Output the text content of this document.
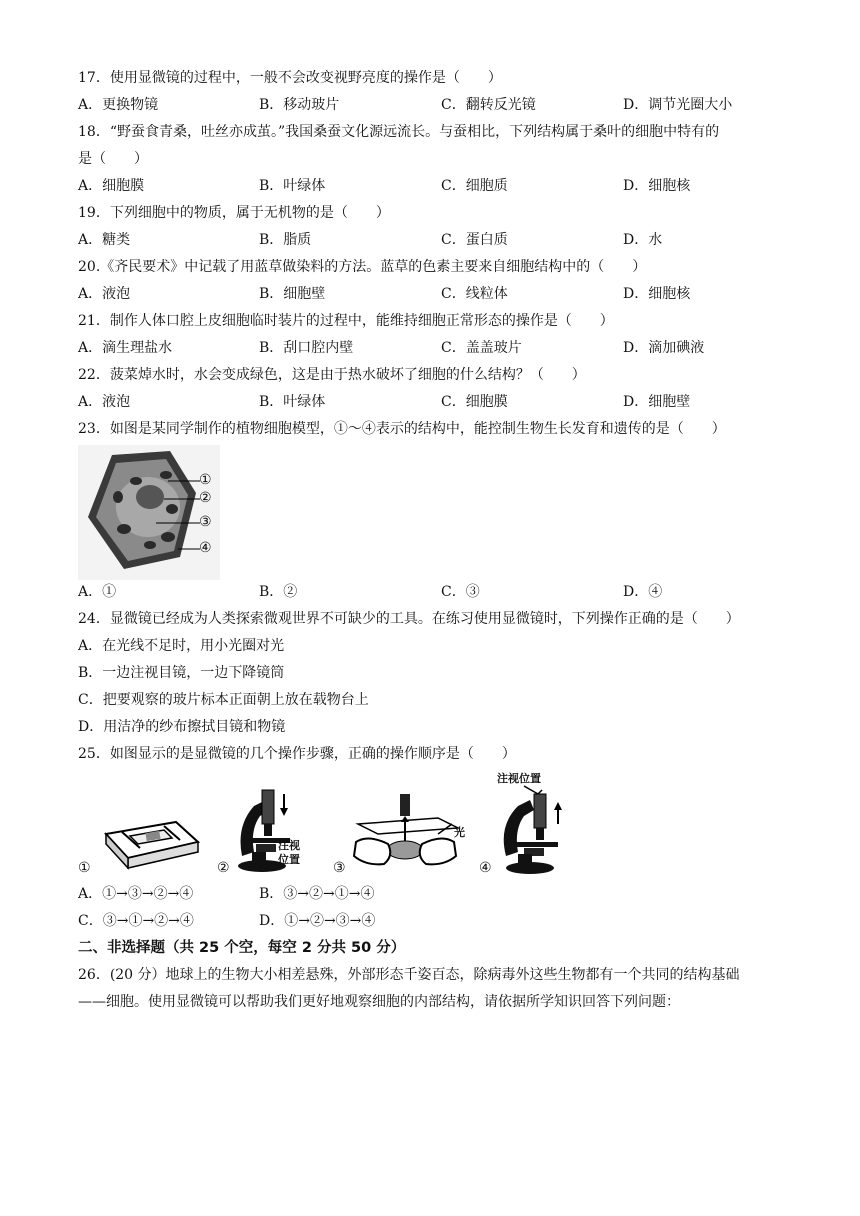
17．使用显微镜的过程中，一般不会改变视野亮度的操作是（　　）
A．更换物镜	B．移动玻片	C．翻转反光镜	D．调节光圈大小
18．“野蚕食青桑，吐丝亦成茧。”我国桑蚕文化源远流长。与蚕相比，下列结构属于桑叶的细胞中特有的
是（　　）
A．细胞膜	B．叶绿体	C．细胞质	D．细胞核
19．下列细胞中的物质，属于无机物的是（　　）
A．糖类	B．脂质	C．蛋白质	D．水
20.《齐民要术》中记载了用蓝草做染料的方法。蓝草的色素主要来自细胞结构中的（　　）
A．液泡	B．细胞壁	C．线粒体	D．细胞核
21．制作人体口腔上皮细胞临时装片的过程中，能维持细胞正常形态的操作是（　　）
A．滴生理盐水	B．刮口腔内壁	C．盖盖玻片	D．滴加碘液
22．菠菜焯水时，水会变成绿色，这是由于热水破坏了细胞的什么结构？（　　）
A．液泡	B．叶绿体	C．细胞膜	D．细胞壁
23．如图是某同学制作的植物细胞模型，①～④表示的结构中，能控制生物生长发育和遗传的是（　　）
①
②
③
④
A．①	B．②	C．③	D．④
24．显微镜已经成为人类探索微观世界不可缺少的工具。在练习使用显微镜时，下列操作正确的是（　　）
A．在光线不足时，用小光圈对光
B．一边注视目镜，一边下降镜筒
C．把要观察的玻片标本正面朝上放在载物台上
D．用洁净的纱布擦拭目镜和物镜
25．如图显示的是显微镜的几个操作步骤，正确的操作顺序是（　　）
①	②
注视
位置
③
光
④
注视位置
A．①→③→②→④	B．③→②→①→④
C．③→①→②→④	D．①→②→③→④
二、非选择题（共 25 个空，每空 2 分共 50 分）
26．(20 分）地球上的生物大小相差悬殊，外部形态千姿百态，除病毒外这些生物都有一个共同的结构基础
——细胞。使用显微镜可以帮助我们更好地观察细胞的内部结构，请依据所学知识回答下列问题：
